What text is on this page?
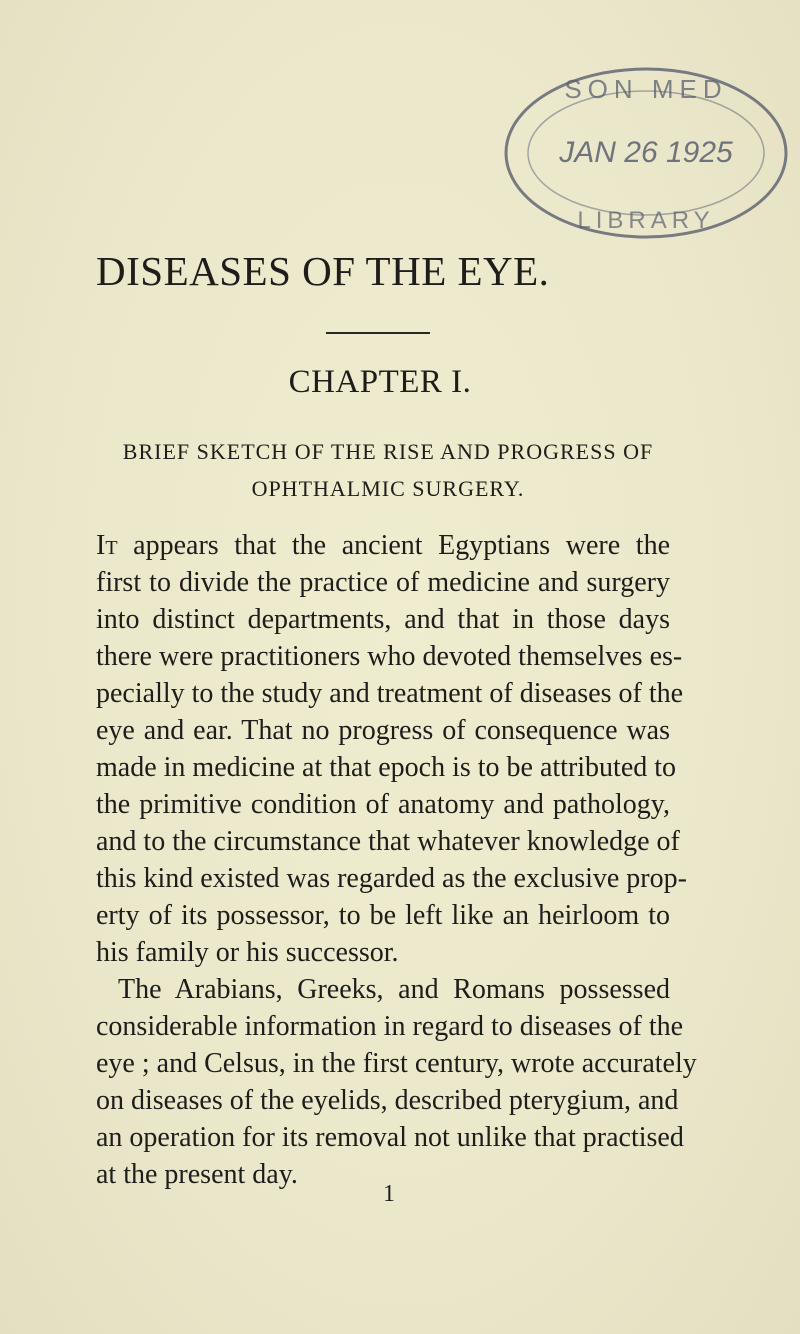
SON MED
JAN 26 1925
LIBRARY
DISEASES OF THE EYE.
CHAPTER I.
BRIEF SKETCH OF THE RISE AND PROGRESS OF
OPHTHALMIC SURGERY.
It appears that the ancient Egyptians were the
first to divide the practice of medicine and surgery
into distinct departments, and that in those days
there were practitioners who devoted themselves es-
pecially to the study and treatment of diseases of the
eye and ear. That no progress of consequence was
made in medicine at that epoch is to be attributed to
the primitive condition of anatomy and pathology,
and to the circumstance that whatever knowledge of
this kind existed was regarded as the exclusive prop-
erty of its possessor, to be left like an heirloom to
his family or his successor.
The Arabians, Greeks, and Romans possessed
considerable information in regard to diseases of the
eye ; and Celsus, in the first century, wrote accurately
on diseases of the eyelids, described pterygium, and
an operation for its removal not unlike that practised
at the present day.
1
